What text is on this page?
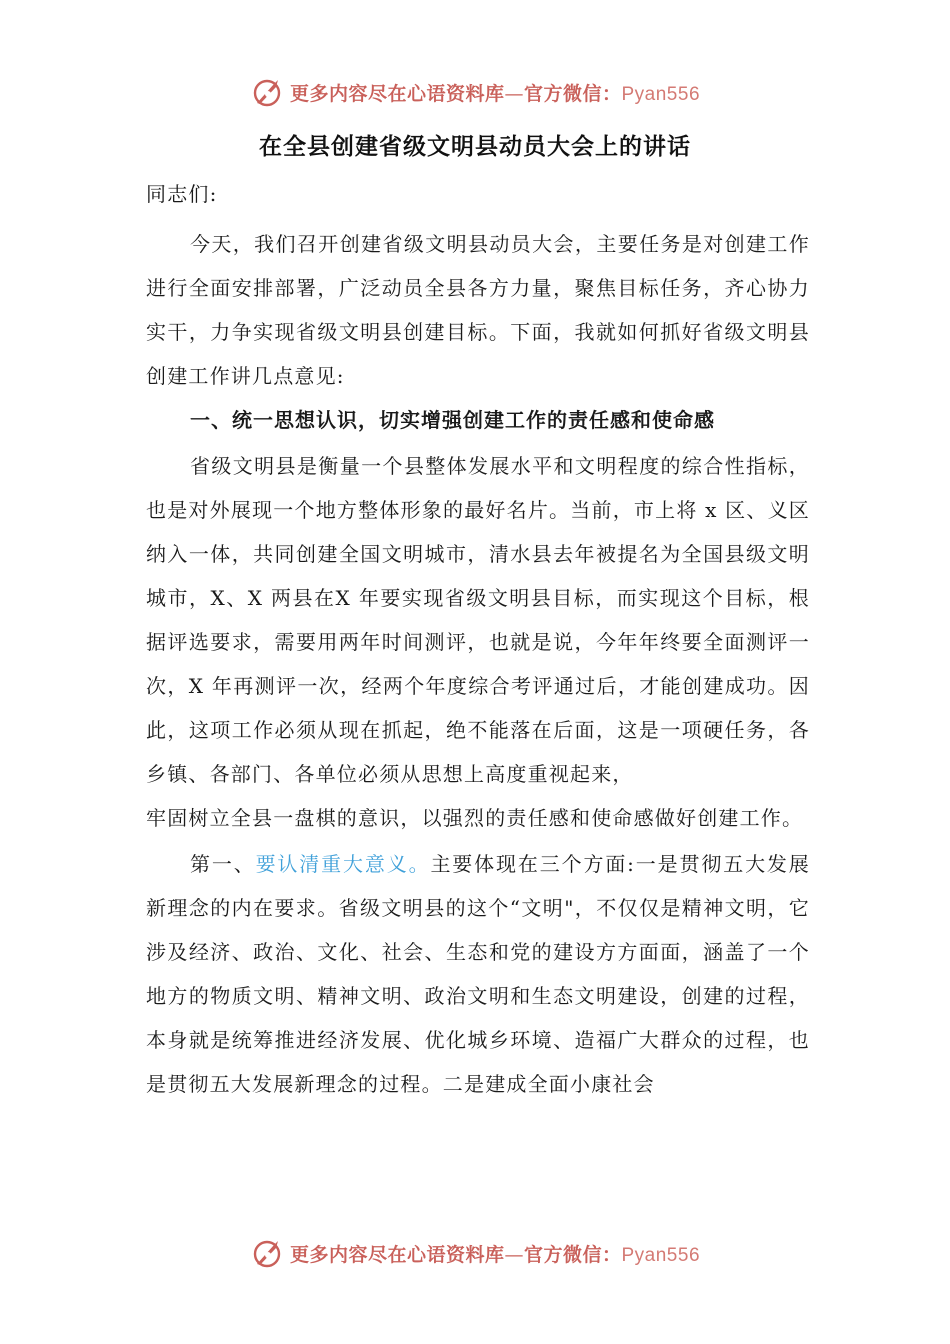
更多内容尽在心语资料库—官方微信：Pyan556
在全县创建省级文明县动员大会上的讲话
同志们:
今天，我们召开创建省级文明县动员大会，主要任务是对创建工作进行全面安排部署，广泛动员全县各方力量，聚焦目标任务，齐心协力实干，力争实现省级文明县创建目标。下面，我就如何抓好省级文明县创建工作讲几点意见:
一、统一思想认识，切实增强创建工作的责任感和使命感
省级文明县是衡量一个县整体发展水平和文明程度的综合性指标，也是对外展现一个地方整体形象的最好名片。当前，市上将 x 区、义区纳入一体，共同创建全国文明城市，清水县去年被提名为全国县级文明城市，X、X 两县在X 年要实现省级文明县目标，而实现这个目标，根据评选要求，需要用两年时间测评，也就是说，今年年终要全面测评一次，X 年再测评一次，经两个年度综合考评通过后，才能创建成功。因此，这项工作必须从现在抓起，绝不能落在后面，这是一项硬任务，各乡镇、各部门、各单位必须从思想上高度重视起来，
牢固树立全县一盘棋的意识，以强烈的责任感和使命感做好创建工作。
第一、要认清重大意义。主要体现在三个方面:一是贯彻五大发展新理念的内在要求。省级文明县的这个“文明"，不仅仅是精神文明，它涉及经济、政治、文化、社会、生态和党的建设方方面面，涵盖了一个地方的物质文明、精神文明、政治文明和生态文明建设，创建的过程，本身就是统筹推进经济发展、优化城乡环境、造福广大群众的过程，也是贯彻五大发展新理念的过程。二是建成全面小康社会
更多内容尽在心语资料库—官方微信：Pyan556
